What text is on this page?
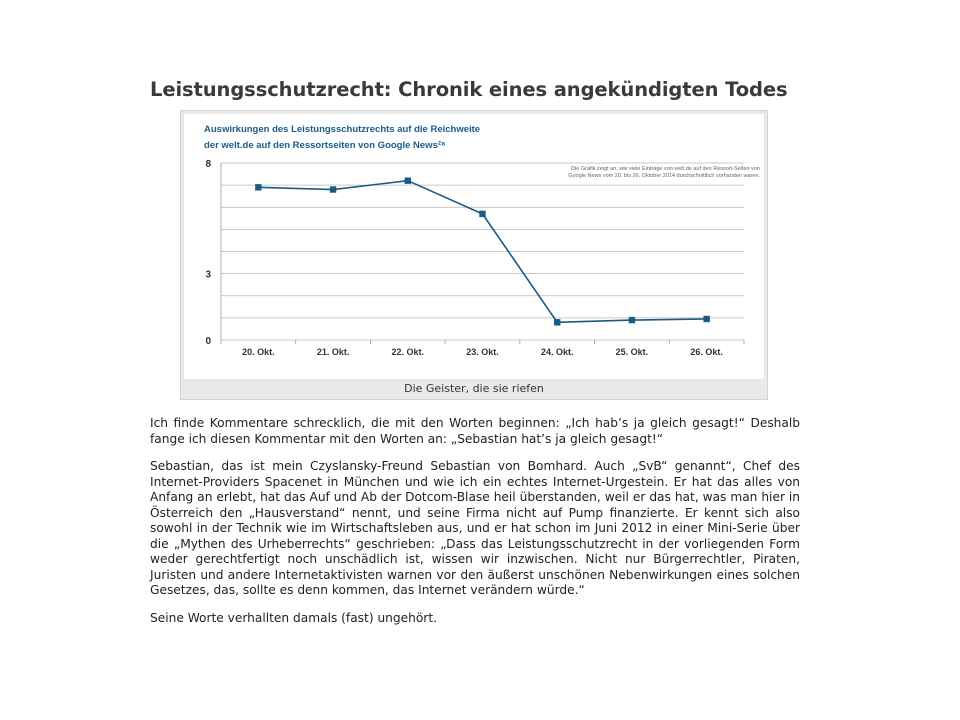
Leistungsschutzrecht: Chronik eines angekündigten Todes
Auswirkungen des Leistungsschutzrechts auf die Reichweite
der welt.de auf den Ressortseiten von Google News²⁸
Die Grafik zeigt an, wie viele Einträge von welt.de auf den Ressort-Seiten von
Google News vom 20. bis 26. Oktober 2014 durchschnittlich vorhanden waren.
0
3
8
20. Okt.	21. Okt.	22. Okt.	23. Okt.	24. Okt.	25. Okt.	26. Okt.
Die Geister, die sie riefen

Ich finde Kommentare schrecklich, die mit den Worten beginnen: „Ich hab’s ja gleich gesagt!“ Deshalb fange ich diesen Kommentar mit den Worten an: „Sebastian hat’s ja gleich gesagt!“

Sebastian, das ist mein Czyslansky-Freund Sebastian von Bomhard. Auch „SvB“ genannt“, Chef des Internet-Providers Spacenet in München und wie ich ein echtes Internet-Urgestein. Er hat das alles von Anfang an erlebt, hat das Auf und Ab der Dotcom-Blase heil überstanden, weil er das hat, was man hier in Österreich den „Hausverstand“ nennt, und seine Firma nicht auf Pump finanzierte. Er kennt sich also sowohl in der Technik wie im Wirtschaftsleben aus, und er hat schon im Juni 2012 in einer Mini-Serie über die „Mythen des Urheberrechts“ geschrieben: „Dass das Leistungsschutzrecht in der vorliegenden Form weder gerechtfertigt noch unschädlich ist, wissen wir inzwischen. Nicht nur Bürgerrechtler, Piraten, Juristen und andere Internetaktivisten warnen vor den äußerst unschönen Nebenwirkungen eines solchen Gesetzes, das, sollte es denn kommen, das Internet verändern würde.“

Seine Worte verhallten damals (fast) ungehört.
